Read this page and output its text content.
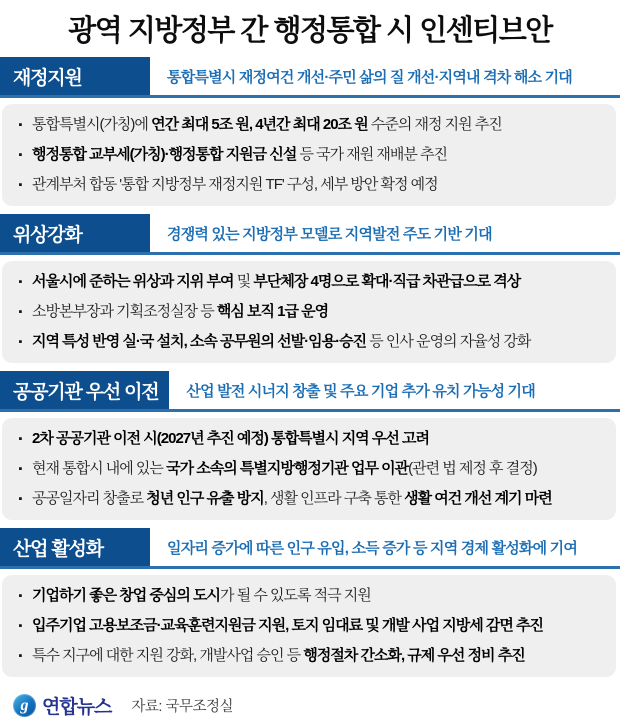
광역 지방정부 간 행정통합 시 인센티브안
재정지원	통합특별시 재정여건 개선·주민 삶의 질 개선·지역내 격차 해소 기대
▪ 통합특별시(가칭)에 연간 최대 5조 원, 4년간 최대 20조 원 수준의 재정 지원 추진
▪ 행정통합 교부세(가칭)·행정통합 지원금 신설 등 국가 재원 재배분 추진
▪ 관계부처 합동 '통합 지방정부 재정지원 TF' 구성, 세부 방안 확정 예정
위상강화	경쟁력 있는 지방정부 모델로 지역발전 주도 기반 기대
▪ 서울시에 준하는 위상과 지위 부여 및 부단체장 4명으로 확대·직급 차관급으로 격상
▪ 소방본부장과 기획조정실장 등 핵심 보직 1급 운영
▪ 지역 특성 반영 실·국 설치, 소속 공무원의 선발·임용·승진 등 인사 운영의 자율성 강화
공공기관 우선 이전	산업 발전 시너지 창출 및 주요 기업 추가 유치 가능성 기대
▪ 2차 공공기관 이전 시(2027년 추진 예정) 통합특별시 지역 우선 고려
▪ 현재 통합시 내에 있는 국가 소속의 특별지방행정기관 업무 이관(관련 법 제정 후 결정)
▪ 공공일자리 창출로 청년 인구 유출 방지, 생활 인프라 구축 통한 생활 여건 개선 계기 마련
산업 활성화	일자리 증가에 따른 인구 유입, 소득 증가 등 지역 경제 활성화에 기여
▪ 기업하기 좋은 창업 중심의 도시가 될 수 있도록 적극 지원
▪ 입주기업 고용보조금·교육훈련지원금 지원, 토지 임대료 및 개발 사업 지방세 감면 추진
▪ 특수 지구에 대한 지원 강화, 개발사업 승인 등 행정절차 간소화, 규제 우선 정비 추진
g 연합뉴스 자료: 국무조정실
